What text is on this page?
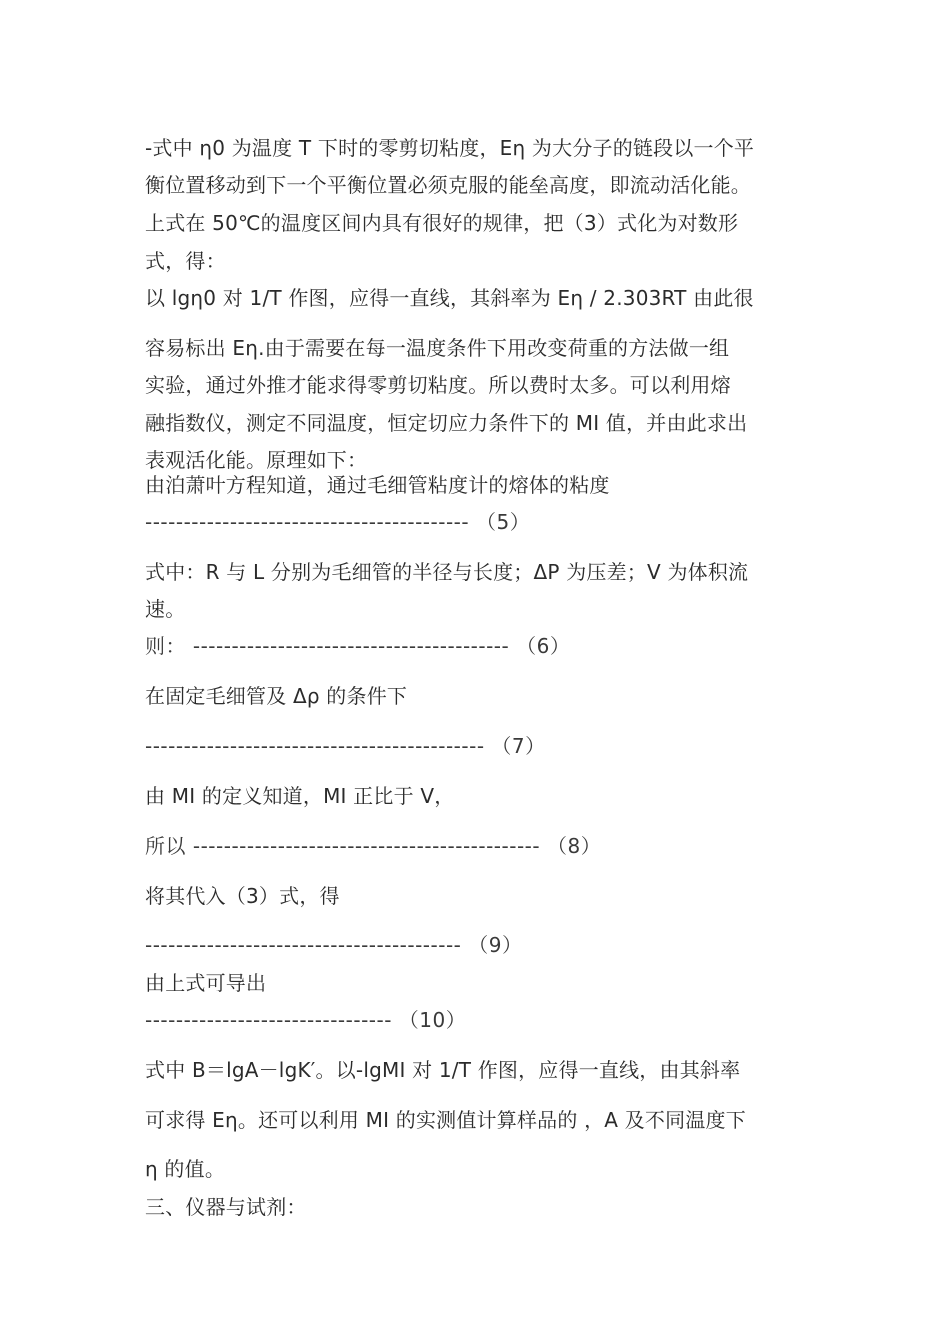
-式中 η0 为温度 T 下时的零剪切粘度，Eη 为大分子的链段以一个平
衡位置移动到下一个平衡位置必须克服的能垒高度，即流动活化能。
上式在 50℃的温度区间内具有很好的规律，把（3）式化为对数形
式，得：
以 lgη0 对 1/T 作图，应得一直线，其斜率为 Eη / 2.303RT 由此很
容易标出 Eη.由于需要在每一温度条件下用改变荷重的方法做一组
实验，通过外推才能求得零剪切粘度。所以费时太多。可以利用熔
融指数仪，测定不同温度，恒定切应力条件下的 MI 值，并由此求出
表观活化能。原理如下：
由泊萧叶方程知道，通过毛细管粘度计的熔体的粘度
------------------------------------------ （5）
式中：R 与 L 分别为毛细管的半径与长度；ΔP 为压差；V 为体积流
速。
则： ----------------------------------------- （6）
在固定毛细管及 Δρ 的条件下
-------------------------------------------- （7）
由 MI 的定义知道，MI 正比于 V，
所以 --------------------------------------------- （8）
将其代入（3）式，得
----------------------------------------- （9）
由上式可导出
-------------------------------- （10）
式中 B＝lgA－lgK′。以-lgMI 对 1/T 作图，应得一直线，由其斜率
可求得 Eη。还可以利用 MI 的实测值计算样品的 ，A 及不同温度下
η 的值。
三、仪器与试剂：
